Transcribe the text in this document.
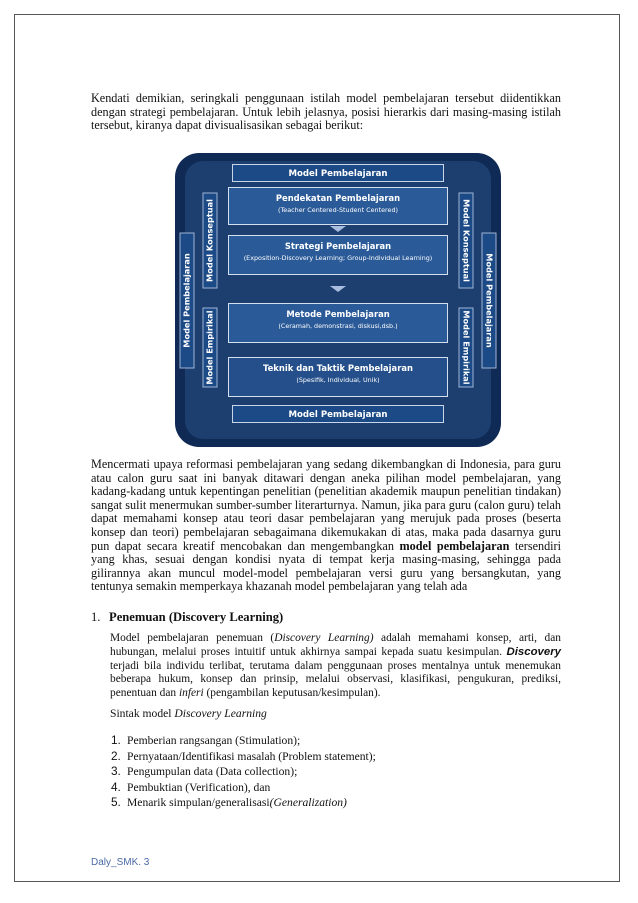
Kendati demikian, seringkali penggunaan istilah model pembelajaran tersebut diidentikkan dengan strategi pembelajaran. Untuk lebih jelasnya, posisi hierarkis dari masing-masing istilah tersebut, kiranya dapat divisualisasikan sebagai berikut:

Model Pembelajaran
Pendekatan Pembelajaran
(Teacher Centered-Student Centered)
Strategi Pembelajaran
(Exposition-Discovery Learning; Group-Individual Learning)
Metode Pembelajaran
(Ceramah, demonstrasi, diskusi,dsb.)
Teknik dan Taktik Pembelajaran
(Spesifik, Individual, Unik)
Model Pembelajaran
Model Pembelajaran
Model Konseptual
Model Empirikal	Model Pembelajaran
Model Konseptual
Model Empirikal

Mencermati upaya reformasi pembelajaran yang sedang dikembangkan di Indonesia, para guru atau calon guru saat ini banyak ditawari dengan aneka pilihan model pembelajaran, yang kadang-kadang untuk kepentingan penelitian (penelitian akademik maupun penelitian tindakan) sangat sulit menermukan sumber-sumber literarturnya. Namun, jika para guru (calon guru) telah dapat memahami konsep atau teori dasar pembelajaran yang merujuk pada proses (beserta konsep dan teori) pembelajaran sebagaimana dikemukakan di atas, maka pada dasarnya guru pun dapat secara kreatif mencobakan dan mengembangkan model pembelajaran tersendiri yang khas, sesuai dengan kondisi nyata di tempat kerja masing-masing, sehingga pada gilirannya akan muncul model-model pembelajaran versi guru yang bersangkutan, yang tentunya semakin memperkaya khazanah model pembelajaran yang telah ada

1. Penemuan (Discovery Learning)

Model pembelajaran penemuan (Discovery Learning) adalah memahami konsep, arti, dan hubungan, melalui proses intuitif untuk akhirnya sampai kepada suatu kesimpulan. Discovery terjadi bila individu terlibat, terutama dalam penggunaan proses mentalnya untuk menemukan beberapa hukum, konsep dan prinsip, melalui observasi, klasifikasi, pengukuran, prediksi, penentuan dan inferi (pengambilan keputusan/kesimpulan).

Sintak model Discovery Learning
1. Pemberian rangsangan (Stimulation);
2. Pernyataan/Identifikasi masalah (Problem statement);
3. Pengumpulan data (Data collection);
4. Pembuktian (Verification), dan
5. Menarik simpulan/generalisasi (Generalization)
Daly_SMK. 3
